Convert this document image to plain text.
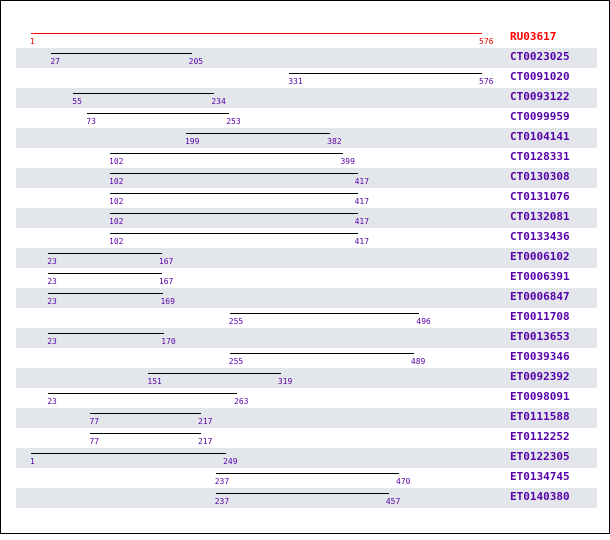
1	576 RU03617
27	205	CT0023025
331	576 CT0091020
55	234	CT0093122
73	253	CT0099959
199	382	CT0104141
102	399	CT0128331
102	417	CT0130308
102	417	CT0131076
102	417	CT0132081
102	417	CT0133436
23	167	ET0006102
23	167	ET0006391
23	169	ET0006847
255	496	ET0011708
23	170	ET0013653
255	489	ET0039346
151	319	ET0092392
23	263	ET0098091
77	217	ET0111588
77	217	ET0112252
1	249	ET0122305
237	470	ET0134745
237	457	ET0140380
